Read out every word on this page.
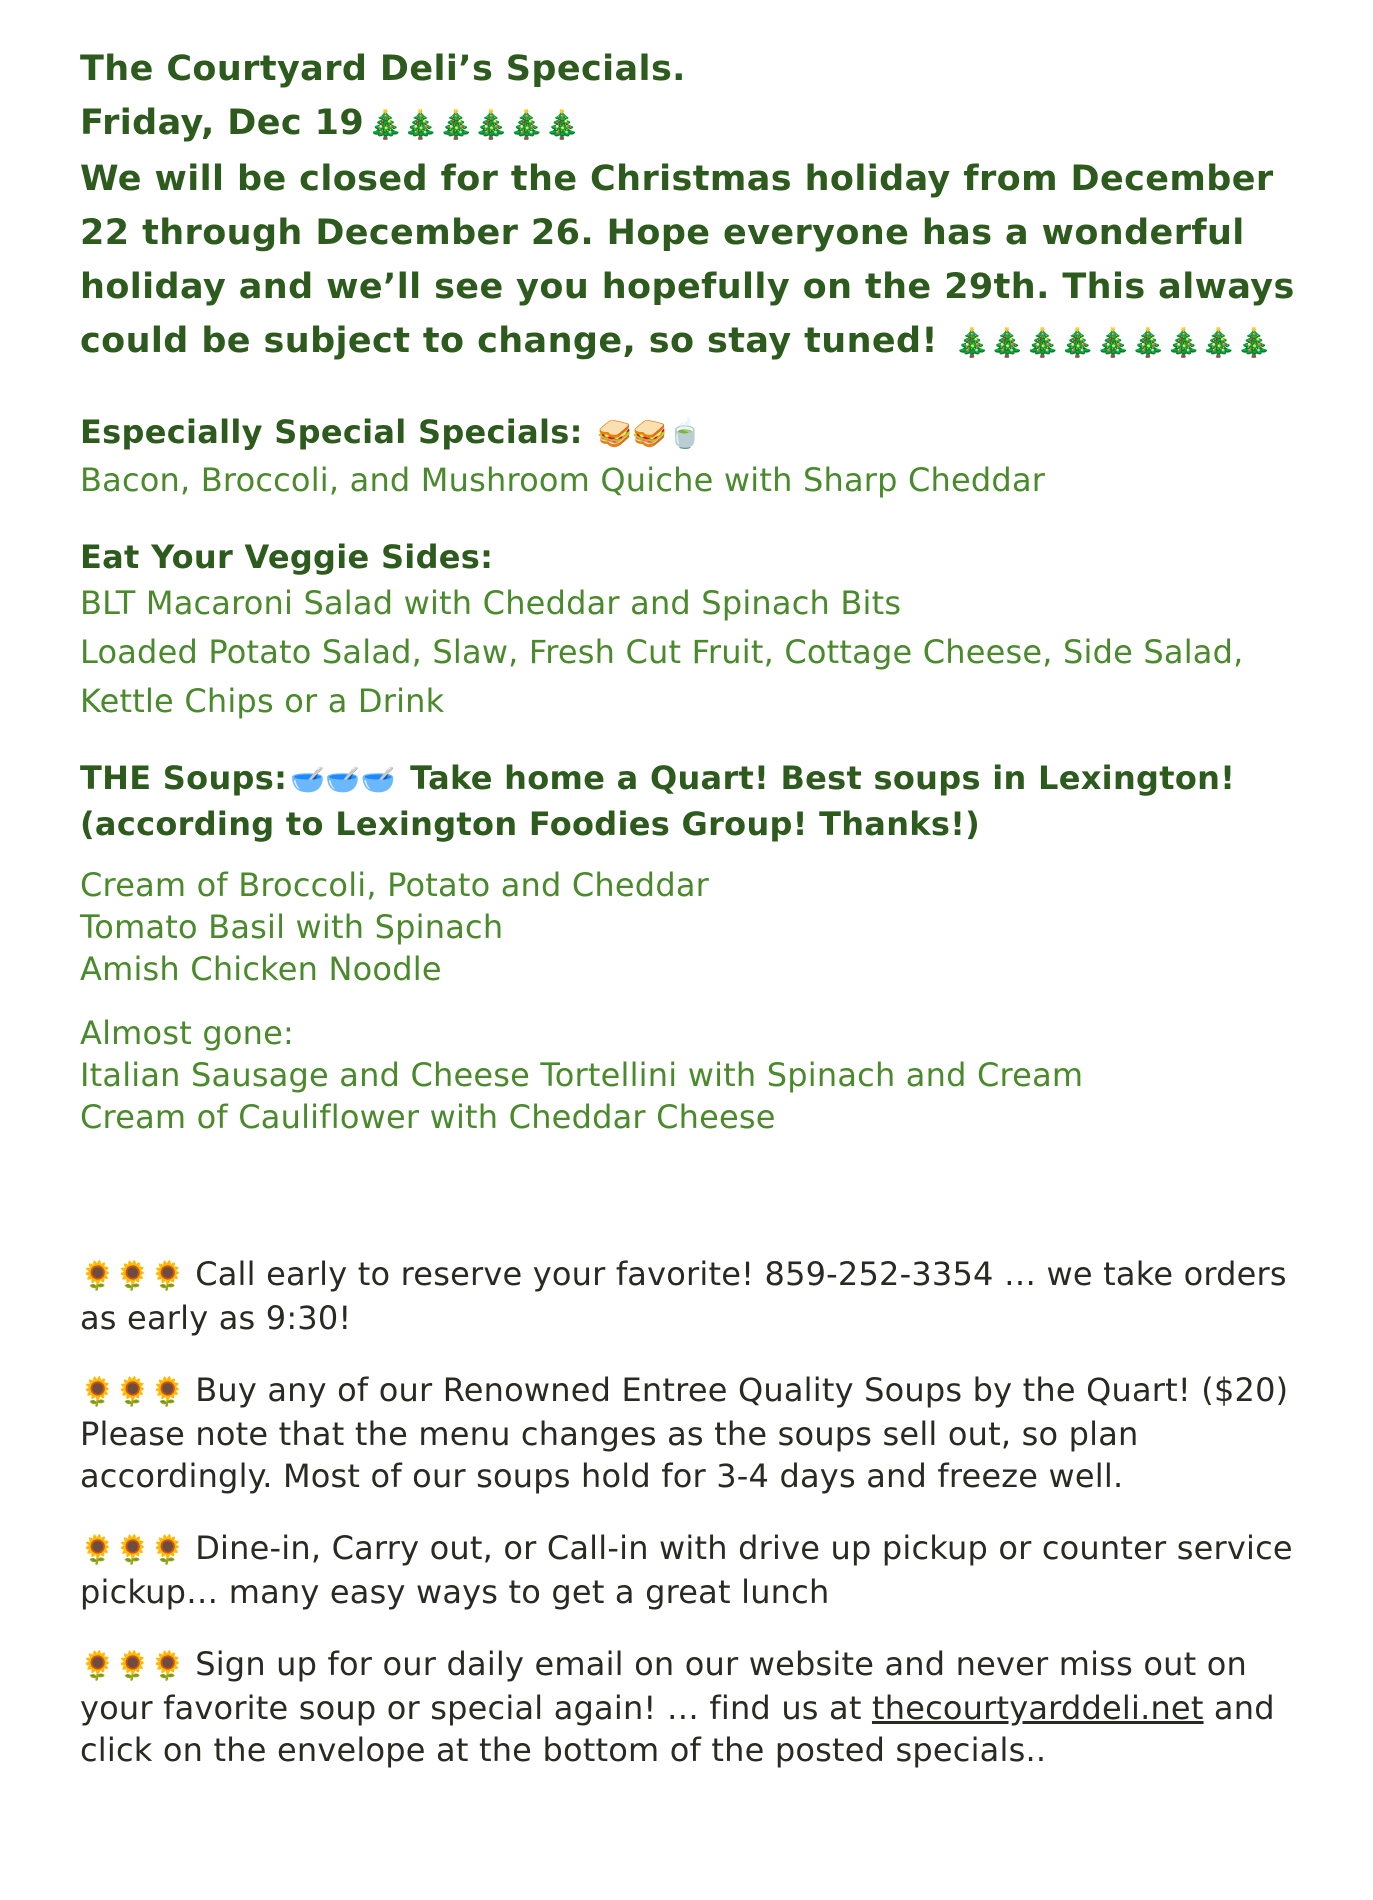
The Courtyard Deli’s Specials.
Friday, Dec 19 🎄🎄🎄🎄🎄🎄
We will be closed for the Christmas holiday from December 22 through December 26. Hope everyone has a wonderful holiday and we’ll see you hopefully on the 29th. This always could be subject to change, so stay tuned! 🎄🎄🎄🎄🎄🎄🎄🎄🎄
Especially Special Specials: 🥪🥪🍵
Bacon, Broccoli, and Mushroom Quiche with Sharp Cheddar
Eat Your Veggie Sides:
BLT Macaroni Salad with Cheddar and Spinach Bits
Loaded Potato Salad, Slaw, Fresh Cut Fruit, Cottage Cheese, Side Salad,
Kettle Chips or a Drink
THE Soups: 🥣🥣🥣 Take home a Quart! Best soups in Lexington!
(according to Lexington Foodies Group! Thanks!)
Cream of Broccoli, Potato and Cheddar
Tomato Basil with Spinach
Amish Chicken Noodle
Almost gone:
Italian Sausage and Cheese Tortellini with Spinach and Cream
Cream of Cauliflower with Cheddar Cheese
🌻🌻🌻 Call early to reserve your favorite! 859-252-3354 … we take orders as early as 9:30!
🌻🌻🌻 Buy any of our Renowned Entree Quality Soups by the Quart! ($20) Please note that the menu changes as the soups sell out, so plan accordingly. Most of our soups hold for 3-4 days and freeze well.
🌻🌻🌻 Dine-in, Carry out, or Call-in with drive up pickup or counter service pickup… many easy ways to get a great lunch
🌻🌻🌻 Sign up for our daily email on our website and never miss out on your favorite soup or special again! … find us at thecourtyarddeli.net and click on the envelope at the bottom of the posted specials..
